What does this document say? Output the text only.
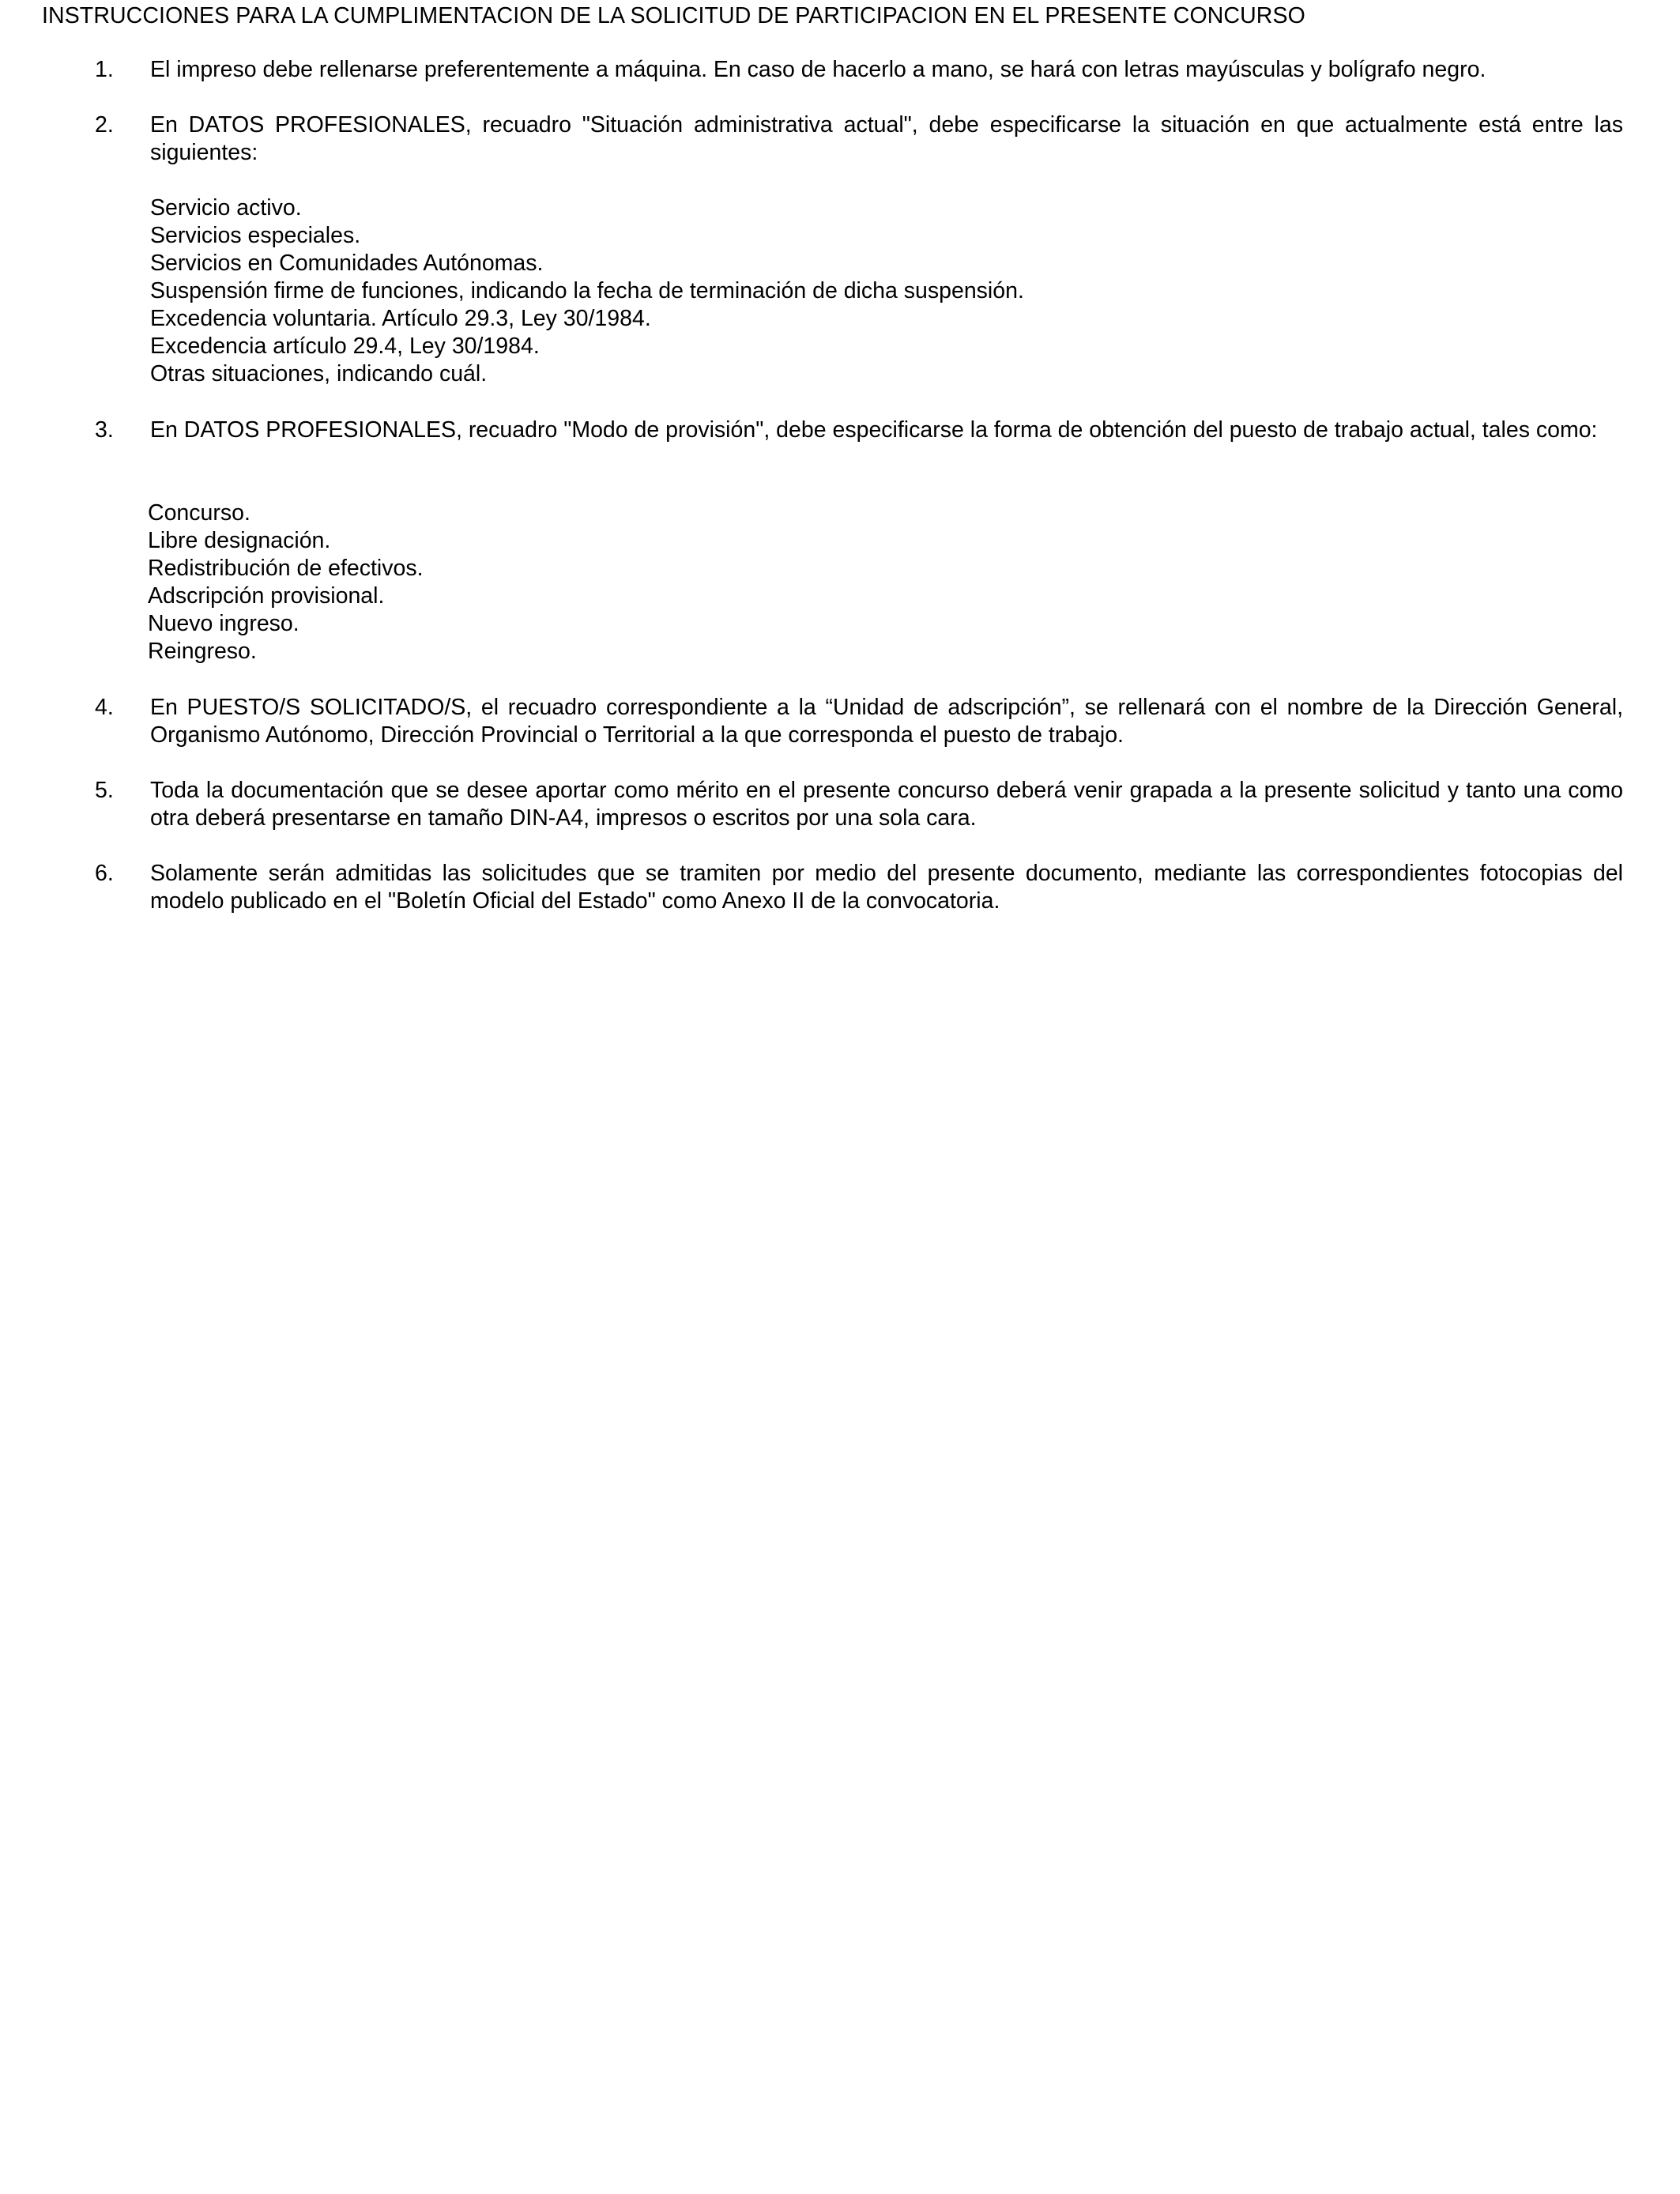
INSTRUCCIONES PARA LA CUMPLIMENTACION DE LA SOLICITUD DE PARTICIPACION EN EL PRESENTE CONCURSO
1. El impreso debe rellenarse preferentemente a máquina. En caso de hacerlo a mano, se hará con letras mayúsculas y bolígrafo negro.
2. En DATOS PROFESIONALES, recuadro "Situación administrativa actual", debe especificarse la situación en que actualmente está entre las siguientes:
Servicio activo.
Servicios especiales.
Servicios en Comunidades Autónomas.
Suspensión firme de funciones, indicando la fecha de terminación de dicha suspensión.
Excedencia voluntaria. Artículo 29.3, Ley 30/1984.
Excedencia artículo 29.4, Ley 30/1984.
Otras situaciones, indicando cuál.
3. En DATOS PROFESIONALES, recuadro "Modo de provisión", debe especificarse la forma de obtención del puesto de trabajo actual, tales como:
Concurso.
Libre designación.
Redistribución de efectivos.
Adscripción provisional.
Nuevo ingreso.
Reingreso.
4. En PUESTO/S SOLICITADO/S, el recuadro correspondiente a la “Unidad de adscripción”, se rellenará con el nombre de la Dirección General, Organismo Autónomo, Dirección Provincial o Territorial a la que corresponda el puesto de trabajo.
5. Toda la documentación que se desee aportar como mérito en el presente concurso deberá venir grapada a la presente solicitud y tanto una como otra deberá presentarse en tamaño DIN-A4, impresos o escritos por una sola cara.
6. Solamente serán admitidas las solicitudes que se tramiten por medio del presente documento, mediante las correspondientes fotocopias del modelo publicado en el "Boletín Oficial del Estado" como Anexo II de la convocatoria.
